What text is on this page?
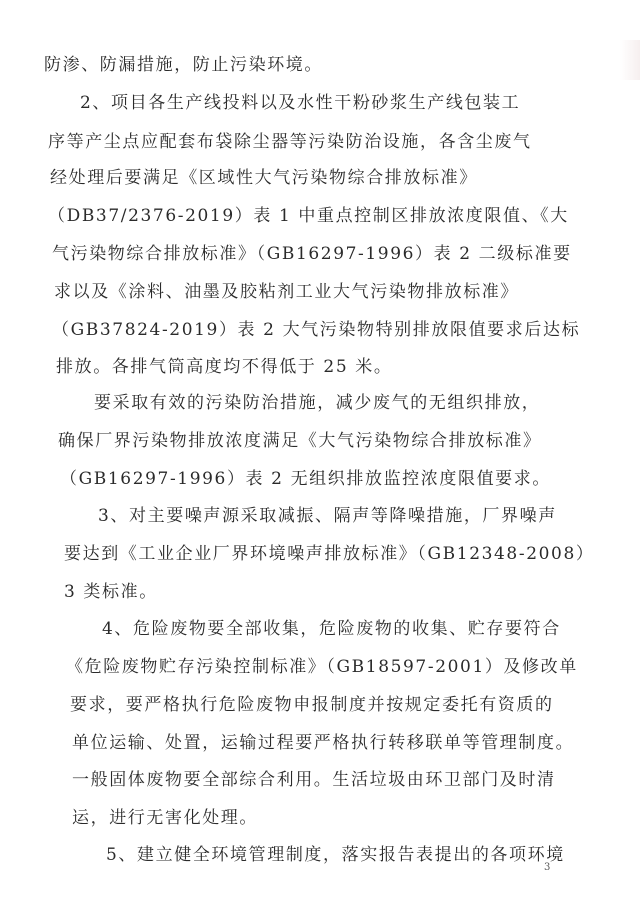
防渗、防漏措施，防止污染环境。
2、项目各生产线投料以及水性干粉砂浆生产线包装工
序等产尘点应配套布袋除尘器等污染防治设施，各含尘废气
经处理后要满足《区域性大气污染物综合排放标准》
（DB37/2376-2019）表 1 中重点控制区排放浓度限值、《大
气污染物综合排放标准》（GB16297-1996）表 2 二级标准要
求以及《涂料、油墨及胶粘剂工业大气污染物排放标准》
（GB37824-2019）表 2 大气污染物特别排放限值要求后达标
排放。各排气筒高度均不得低于 25 米。
要采取有效的污染防治措施，减少废气的无组织排放，
确保厂界污染物排放浓度满足《大气污染物综合排放标准》
（GB16297-1996）表 2 无组织排放监控浓度限值要求。
3、对主要噪声源采取减振、隔声等降噪措施，厂界噪声
要达到《工业企业厂界环境噪声排放标准》（GB12348-2008）
3 类标准。
4、危险废物要全部收集，危险废物的收集、贮存要符合
《危险废物贮存污染控制标准》（GB18597-2001）及修改单
要求，要严格执行危险废物申报制度并按规定委托有资质的
单位运输、处置，运输过程要严格执行转移联单等管理制度。
一般固体废物要全部综合利用。生活垃圾由环卫部门及时清
运，进行无害化处理。
5、建立健全环境管理制度，落实报告表提出的各项环境
3
